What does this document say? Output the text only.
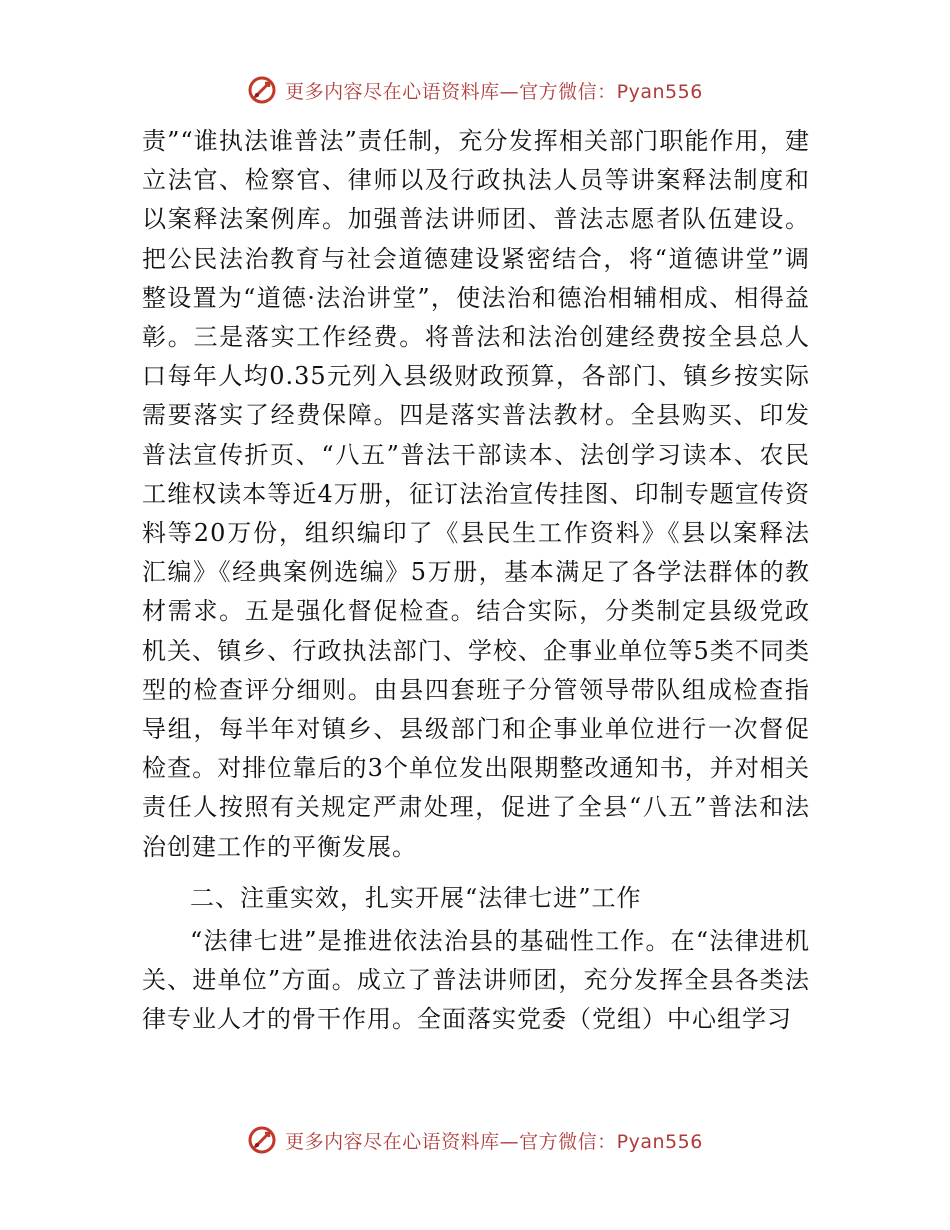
更多内容尽在心语资料库—官方微信：Pyan556

责”“谁执法谁普法”责任制，充分发挥相关部门职能作用，建立法官、检察官、律师以及行政执法人员等讲案释法制度和以案释法案例库。加强普法讲师团、普法志愿者队伍建设。把公民法治教育与社会道德建设紧密结合，将“道德讲堂”调整设置为“道德·法治讲堂”，使法治和德治相辅相成、相得益彰。三是落实工作经费。将普法和法治创建经费按全县总人口每年人均0.35元列入县级财政预算，各部门、镇乡按实际需要落实了经费保障。四是落实普法教材。全县购买、印发普法宣传折页、“八五”普法干部读本、法创学习读本、农民工维权读本等近4万册，征订法治宣传挂图、印制专题宣传资料等20万份，组织编印了《县民生工作资料》《县以案释法汇编》《经典案例选编》5万册，基本满足了各学法群体的教材需求。五是强化督促检查。结合实际，分类制定县级党政机关、镇乡、行政执法部门、学校、企事业单位等5类不同类型的检查评分细则。由县四套班子分管领导带队组成检查指导组，每半年对镇乡、县级部门和企事业单位进行一次督促检查。对排位靠后的3个单位发出限期整改通知书，并对相关责任人按照有关规定严肃处理，促进了全县“八五”普法和法治创建工作的平衡发展。

二、注重实效，扎实开展“法律七进”工作

“法律七进”是推进依法治县的基础性工作。在“法律进机关、进单位”方面。成立了普法讲师团，充分发挥全县各类法律专业人才的骨干作用。全面落实党委（党组）中心组学习

更多内容尽在心语资料库—官方微信：Pyan556
